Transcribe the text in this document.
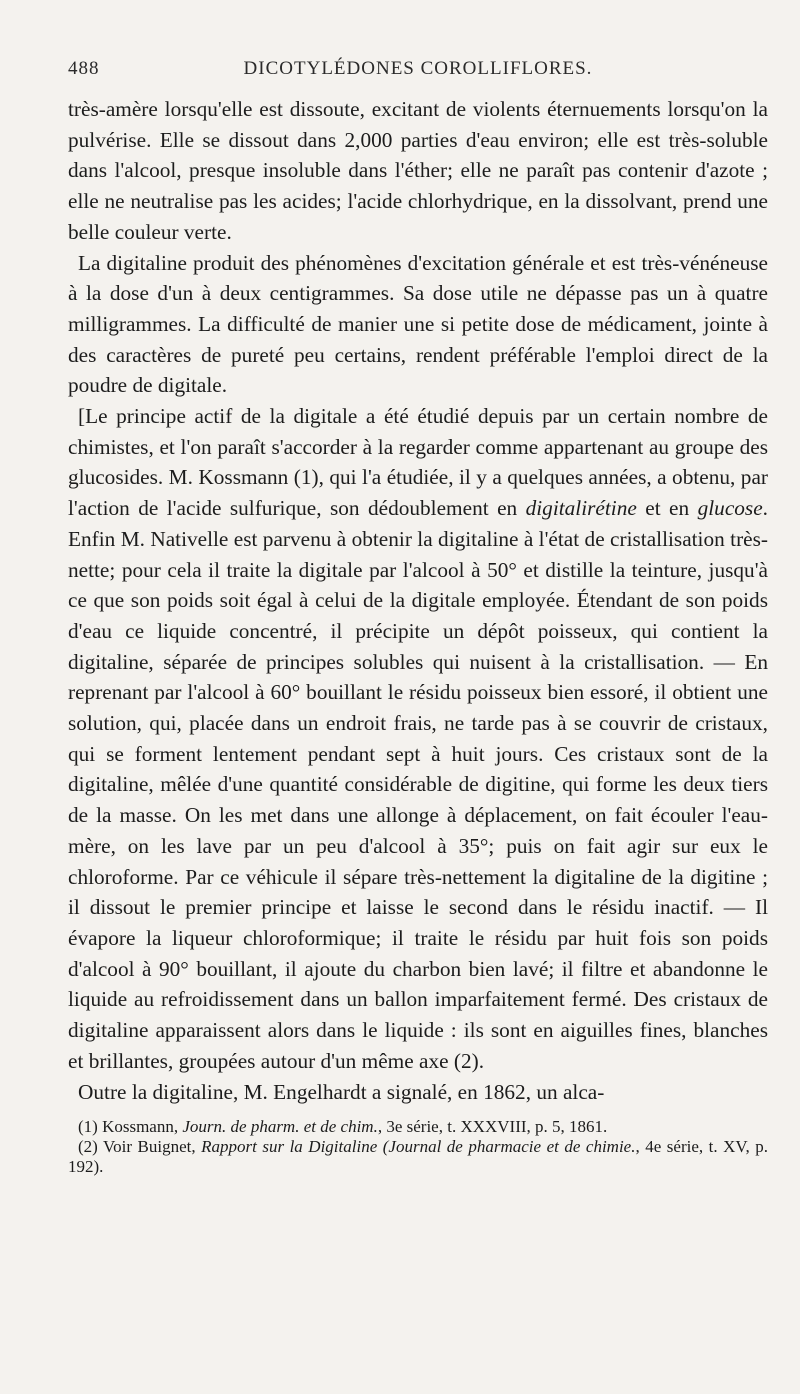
488	DICOTYLÉDONES COROLLIFLORES.

très-amère lorsqu'elle est dissoute, excitant de violents éternuements lorsqu'on la pulvérise. Elle se dissout dans 2,000 parties d'eau environ; elle est très-soluble dans l'alcool, presque insoluble dans l'éther; elle ne paraît pas contenir d'azote ; elle ne neutralise pas les acides; l'acide chlorhydrique, en la dissolvant, prend une belle couleur verte.

La digitaline produit des phénomènes d'excitation générale et est très-vénéneuse à la dose d'un à deux centigrammes. Sa dose utile ne dépasse pas un à quatre milligrammes. La difficulté de manier une si petite dose de médicament, jointe à des caractères de pureté peu certains, rendent préférable l'emploi direct de la poudre de digitale.

[Le principe actif de la digitale a été étudié depuis par un certain nombre de chimistes, et l'on paraît s'accorder à la regarder comme appartenant au groupe des glucosides. M. Kossmann (1), qui l'a étudiée, il y a quelques années, a obtenu, par l'action de l'acide sulfurique, son dédoublement en digitalirétine et en glucose. Enfin M. Nativelle est parvenu à obtenir la digitaline à l'état de cristallisation très-nette; pour cela il traite la digitale par l'alcool à 50° et distille la teinture, jusqu'à ce que son poids soit égal à celui de la digitale employée. Étendant de son poids d'eau ce liquide concentré, il précipite un dépôt poisseux, qui contient la digitaline, séparée de principes solubles qui nuisent à la cristallisation. — En reprenant par l'alcool à 60° bouillant le résidu poisseux bien essoré, il obtient une solution, qui, placée dans un endroit frais, ne tarde pas à se couvrir de cristaux, qui se forment lentement pendant sept à huit jours. Ces cristaux sont de la digitaline, mêlée d'une quantité considérable de digitine, qui forme les deux tiers de la masse. On les met dans une allonge à déplacement, on fait écouler l'eau-mère, on les lave par un peu d'alcool à 35°; puis on fait agir sur eux le chloroforme. Par ce véhicule il sépare très-nettement la digitaline de la digitine ; il dissout le premier principe et laisse le second dans le résidu inactif. — Il évapore la liqueur chloroformique; il traite le résidu par huit fois son poids d'alcool à 90° bouillant, il ajoute du charbon bien lavé; il filtre et abandonne le liquide au refroidissement dans un ballon imparfaitement fermé. Des cristaux de digitaline apparaissent alors dans le liquide : ils sont en aiguilles fines, blanches et brillantes, groupées autour d'un même axe (2).

Outre la digitaline, M. Engelhardt a signalé, en 1862, un alca-

(1) Kossmann, Journ. de pharm. et de chim., 3e série, t. XXXVIII, p. 5, 1861.

(2) Voir Buignet, Rapport sur la Digitaline (Journal de pharmacie et de chimie., 4e série, t. XV, p. 192).
